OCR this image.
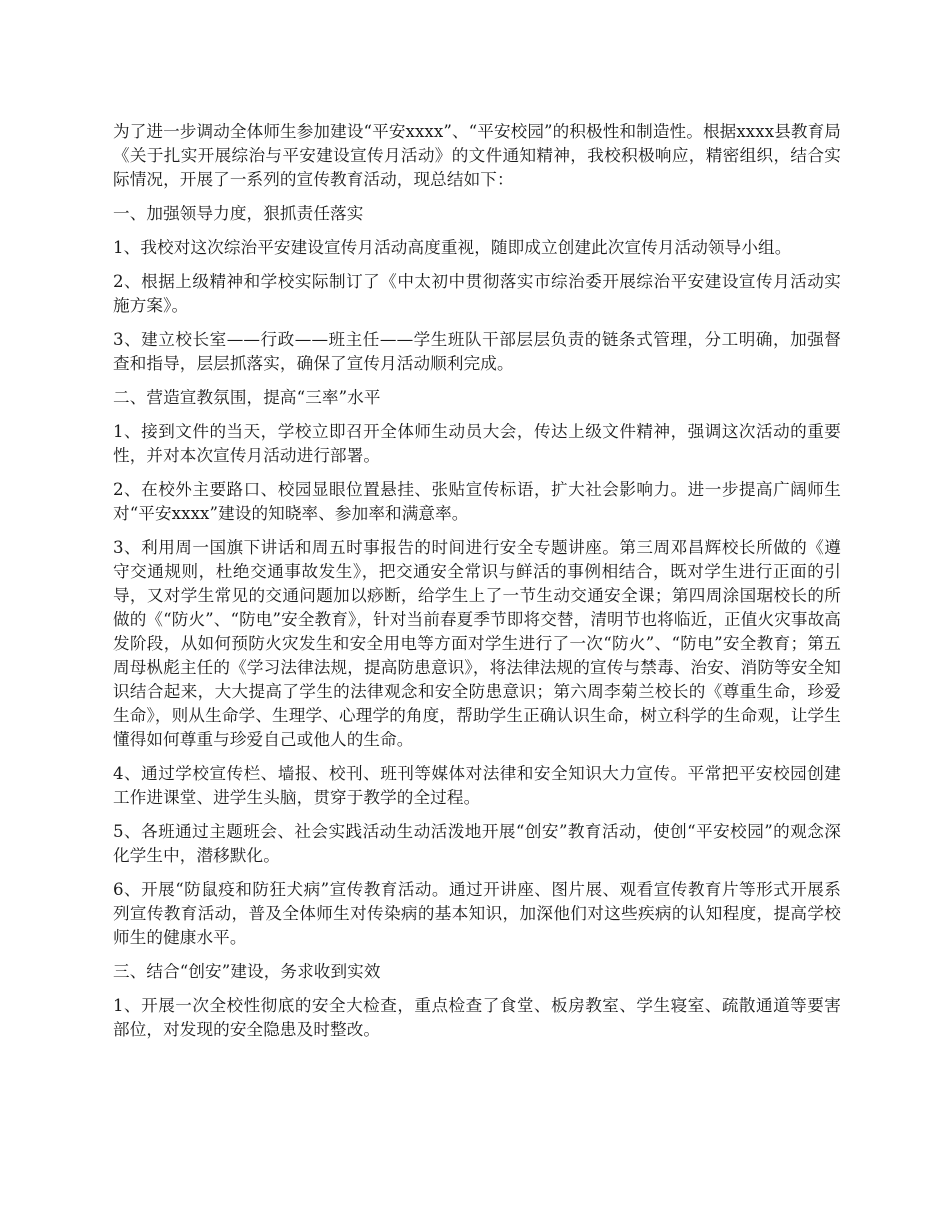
为了进一步调动全体师生参加建设“平安xxxx”、“平安校园”的积极性和制造性。根据xxxx县教育局《关于扎实开展综治与平安建设宣传月活动》的文件通知精神，我校积极响应，精密组织，结合实际情况，开展了一系列的宣传教育活动，现总结如下：

一、加强领导力度，狠抓责任落实

1、我校对这次综治平安建设宣传月活动高度重视，随即成立创建此次宣传月活动领导小组。

2、根据上级精神和学校实际制订了《中太初中贯彻落实市综治委开展综治平安建设宣传月活动实施方案》。

3、建立校长室——行政——班主任——学生班队干部层层负责的链条式管理，分工明确，加强督查和指导，层层抓落实，确保了宣传月活动顺利完成。

二、营造宣教氛围，提高“三率”水平

1、接到文件的当天，学校立即召开全体师生动员大会，传达上级文件精神，强调这次活动的重要性，并对本次宣传月活动进行部署。

2、在校外主要路口、校园显眼位置悬挂、张贴宣传标语，扩大社会影响力。进一步提高广阔师生对“平安xxxx”建设的知晓率、参加率和满意率。

3、利用周一国旗下讲话和周五时事报告的时间进行安全专题讲座。第三周邓昌辉校长所做的《遵守交通规则，杜绝交通事故发生》，把交通安全常识与鲜活的事例相结合，既对学生进行正面的引导，又对学生常见的交通问题加以痧断，给学生上了一节生动交通安全课；第四周涂国琚校长的所做的《“防火”、“防电”安全教育》，针对当前春夏季节即将交替，清明节也将临近，正值火灾事故高发阶段，从如何预防火灾发生和安全用电等方面对学生进行了一次“防火”、“防电”安全教育；第五周母枞彪主任的《学习法律法规，提高防患意识》，将法律法规的宣传与禁毒、治安、消防等安全知识结合起来，大大提高了学生的法律观念和安全防患意识；第六周李菊兰校长的《尊重生命，珍爱生命》，则从生命学、生理学、心理学的角度，帮助学生正确认识生命，树立科学的生命观，让学生懂得如何尊重与珍爱自己或他人的生命。

4、通过学校宣传栏、墙报、校刊、班刊等媒体对法律和安全知识大力宣传。平常把平安校园创建工作进课堂、进学生头脑，贯穿于教学的全过程。

5、各班通过主题班会、社会实践活动生动活泼地开展“创安”教育活动，使创“平安校园”的观念深化学生中，潜移默化。

6、开展“防鼠疫和防狂犬病”宣传教育活动。通过开讲座、图片展、观看宣传教育片等形式开展系列宣传教育活动，普及全体师生对传染病的基本知识，加深他们对这些疾病的认知程度，提高学校师生的健康水平。

三、结合“创安”建设，务求收到实效

1、开展一次全校性彻底的安全大检查，重点检查了食堂、板房教室、学生寝室、疏散通道等要害部位，对发现的安全隐患及时整改。
